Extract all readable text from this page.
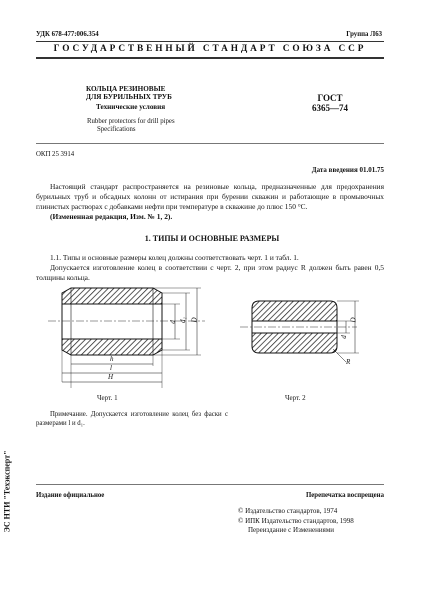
УДК 678-477:006.354	Группа Л63
ГОСУДАРСТВЕННЫЙ СТАНДАРТ СОЮЗА ССР
КОЛЬЦА РЕЗИНОВЫЕ
ДЛЯ БУРИЛЬНЫХ ТРУБ
Технические условия
Rubber protectors for drill pipes
Specifications
ГОСТ
6365—74
ОКП 25 3914
Дата введения 01.01.75
Настоящий стандарт распространяется на резиновые кольца, предназначенные для предохранения бурильных труб и обсадных колонн от истирания при бурении скважин и работающие в промывочных глинистых растворах с добавками нефти при температуре в скважине до плюс 150 °С.
(Измененная редакция, Изм. № 1, 2).
1. ТИПЫ И ОСНОВНЫЕ РАЗМЕРЫ
1.1. Типы и основные размеры колец должны соответствовать черт. 1 и табл. 1.
Допускается изготовление колец в соответствии с черт. 2, при этом радиус R должен быть равен 0,5 толщины кольца.
d d₁ D
h
l
H
Черт. 1
d
D
R
Черт. 2
Примечание. Допускается изготовление колец без фаски с размерами l и d₁.
ЭС НТИ "Техэксперт"	Издание официальное	Перепечатка воспрещена
© Издательство стандартов, 1974
© ИПК Издательство стандартов, 1998
Переиздание с Изменениями
